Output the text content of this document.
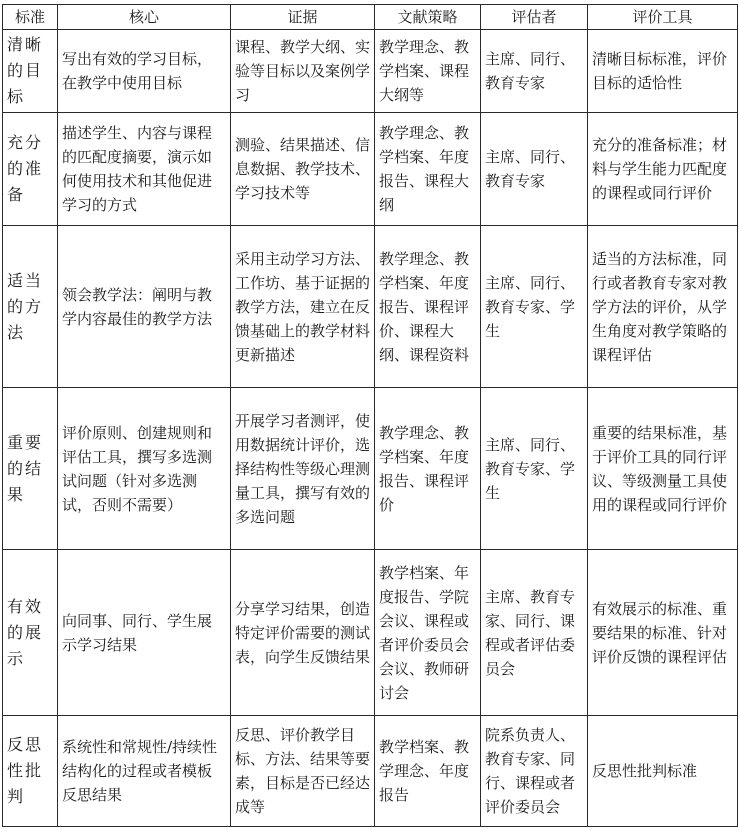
标准	核心	证据	文献策略	评估者	评价工具
清晰的目标	写出有效的学习目标，在教学中使用目标	课程、教学大纲、实验等目标以及案例学习	教学理念、教学档案、课程大纲等	主席、同行、教育专家	清晰目标标准，评价目标的适恰性
充分的准备	描述学生、内容与课程的匹配度摘要，演示如何使用技术和其他促进学习的方式	测验、结果描述、信息数据、教学技术、学习技术等	教学理念、教学档案、年度报告、课程大纲	主席、同行、教育专家	充分的准备标准；材料与学生能力匹配度的课程或同行评价
适当的方法	领会教学法：阐明与教学内容最佳的教学方法	采用主动学习方法、工作坊、基于证据的教学方法，建立在反馈基础上的教学材料更新描述	教学理念、教学档案、年度报告、课程评价、课程大纲、课程资料	主席、同行、教育专家、学生	适当的方法标准，同行或者教育专家对教学方法的评价，从学生角度对教学策略的课程评估
重要的结果	评价原则、创建规则和评估工具，撰写多选测试问题（针对多选测试，否则不需要）	开展学习者测评，使用数据统计评价，选择结构性等级心理测量工具，撰写有效的多选问题	教学理念、教学档案、年度报告、课程评价	主席、同行、教育专家、学生	重要的结果标准，基于评价工具的同行评议、等级测量工具使用的课程或同行评价
有效的展示	向同事、同行、学生展示学习结果	分享学习结果，创造特定评价需要的测试表，向学生反馈结果	教学档案、年度报告、学院会议、课程或者评价委员会会议、教师研讨会	主席、教育专家、同行、课程或者评估委员会	有效展示的标准、重要结果的标准、针对评价反馈的课程评估
反思性批判	系统性和常规性/持续性结构化的过程或者模板反思结果	反思、评价教学目标、方法、结果等要素，目标是否已经达成等	教学档案、教学理念、年度报告	院系负责人、教育专家、同行、课程或者评价委员会	反思性批判标准
